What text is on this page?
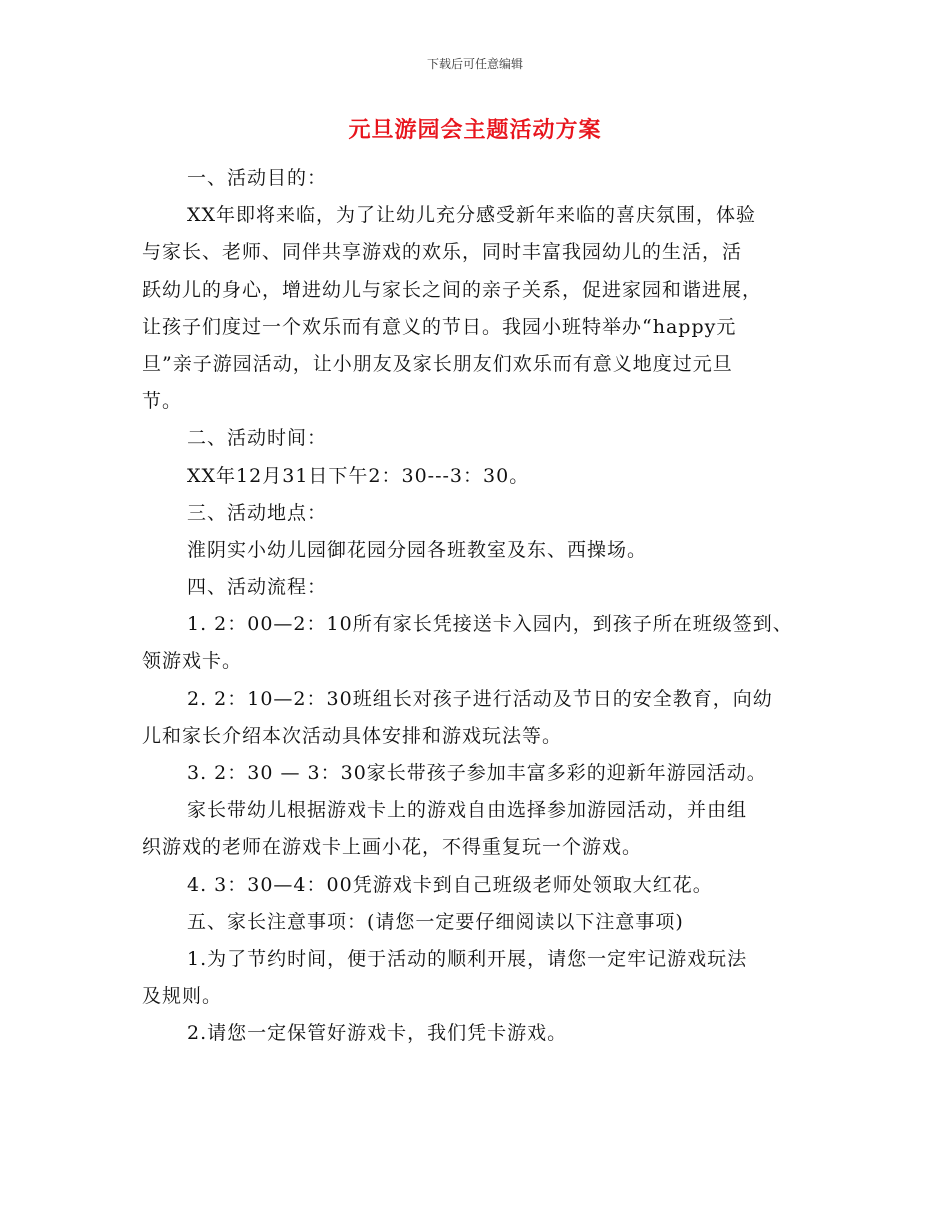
下载后可任意编辑
元旦游园会主题活动方案
一、活动目的：
XX年即将来临，为了让幼儿充分感受新年来临的喜庆氛围，体验
与家长、老师、同伴共享游戏的欢乐，同时丰富我园幼儿的生活，活
跃幼儿的身心，增进幼儿与家长之间的亲子关系，促进家园和谐进展，
让孩子们度过一个欢乐而有意义的节日。我园小班特举办“happy元
旦”亲子游园活动，让小朋友及家长朋友们欢乐而有意义地度过元旦
节。
二、活动时间：
XX年12月31日下午2：30---3：30。
三、活动地点：
淮阴实小幼儿园御花园分园各班教室及东、西操场。
四、活动流程：
1. 2：00—2：10所有家长凭接送卡入园内，到孩子所在班级签到、
领游戏卡。
2. 2：10—2：30班组长对孩子进行活动及节日的安全教育，向幼
儿和家长介绍本次活动具体安排和游戏玩法等。
3. 2：30 — 3：30家长带孩子参加丰富多彩的迎新年游园活动。
家长带幼儿根据游戏卡上的游戏自由选择参加游园活动，并由组
织游戏的老师在游戏卡上画小花，不得重复玩一个游戏。
4. 3：30—4：00凭游戏卡到自己班级老师处领取大红花。
五、家长注意事项：(请您一定要仔细阅读以下注意事项)
1.为了节约时间，便于活动的顺利开展，请您一定牢记游戏玩法
及规则。
2.请您一定保管好游戏卡，我们凭卡游戏。
